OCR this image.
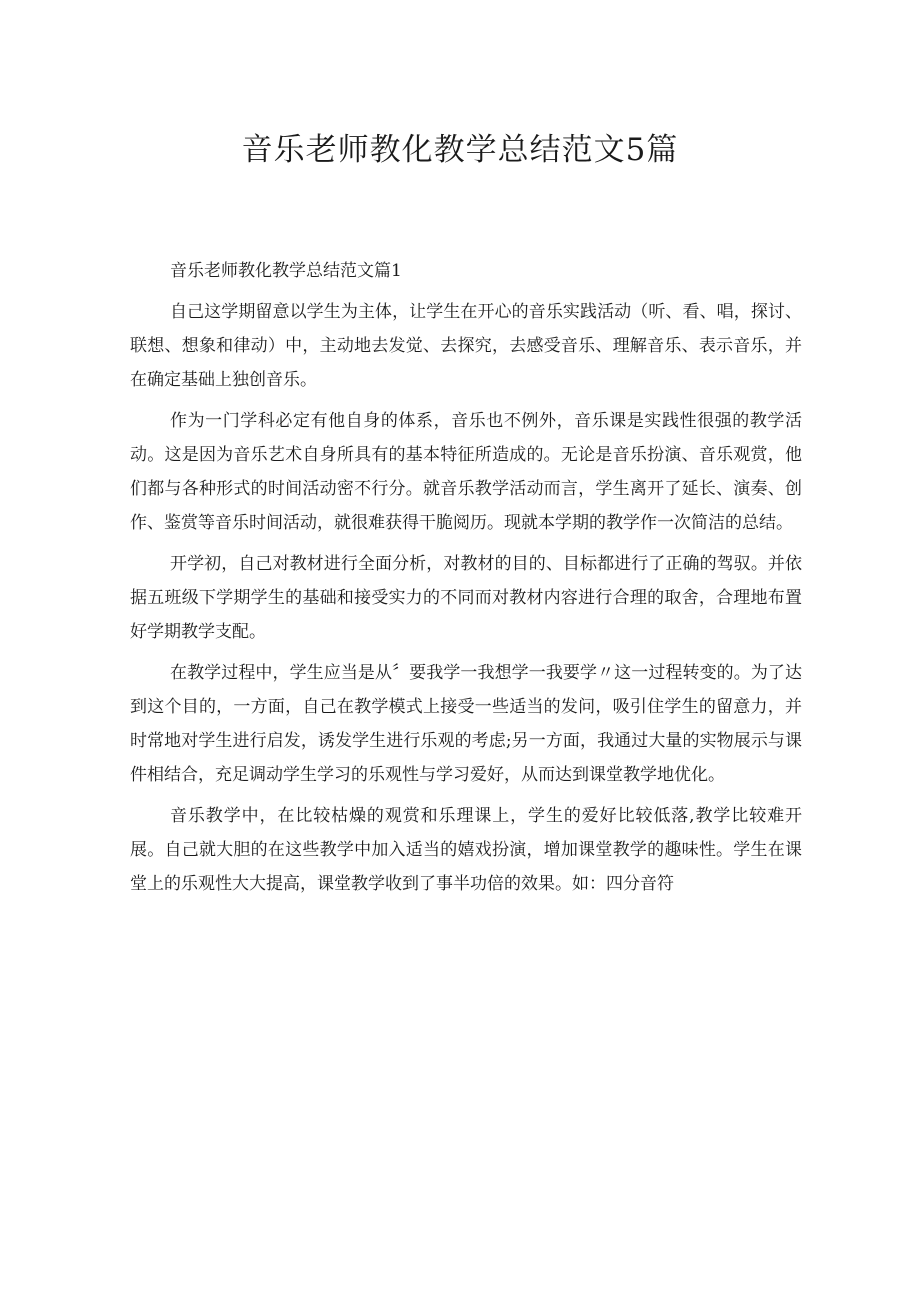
音乐老师教化教学总结范文5篇

音乐老师教化教学总结范文篇1

自己这学期留意以学生为主体，让学生在开心的音乐实践活动（听、看、唱，探讨、联想、想象和律动）中，主动地去发觉、去探究，去感受音乐、理解音乐、表示音乐，并在确定基础上独创音乐。

作为一门学科必定有他自身的体系，音乐也不例外，音乐课是实践性很强的教学活动。这是因为音乐艺术自身所具有的基本特征所造成的。无论是音乐扮演、音乐观赏，他们都与各种形式的时间活动密不行分。就音乐教学活动而言，学生离开了延长、演奏、创作、鉴赏等音乐时间活动，就很难获得干脆阅历。现就本学期的教学作一次简洁的总结。

开学初，自己对教材进行全面分析，对教材的目的、目标都进行了正确的驾驭。并依据五班级下学期学生的基础和接受实力的不同而对教材内容进行合理的取舍，合理地布置好学期教学支配。

在教学过程中，学生应当是从〞要我学一我想学一我要学〃这一过程转变的。为了达到这个目的，一方面，自己在教学模式上接受一些适当的发问，吸引住学生的留意力，并时常地对学生进行启发，诱发学生进行乐观的考虑;另一方面，我通过大量的实物展示与课件相结合，充足调动学生学习的乐观性与学习爱好，从而达到课堂教学地优化。

音乐教学中，在比较枯燥的观赏和乐理课上，学生的爱好比较低落,教学比较难开展。自己就大胆的在这些教学中加入适当的嬉戏扮演，增加课堂教学的趣味性。学生在课堂上的乐观性大大提高，课堂教学收到了事半功倍的效果。如：四分音符
